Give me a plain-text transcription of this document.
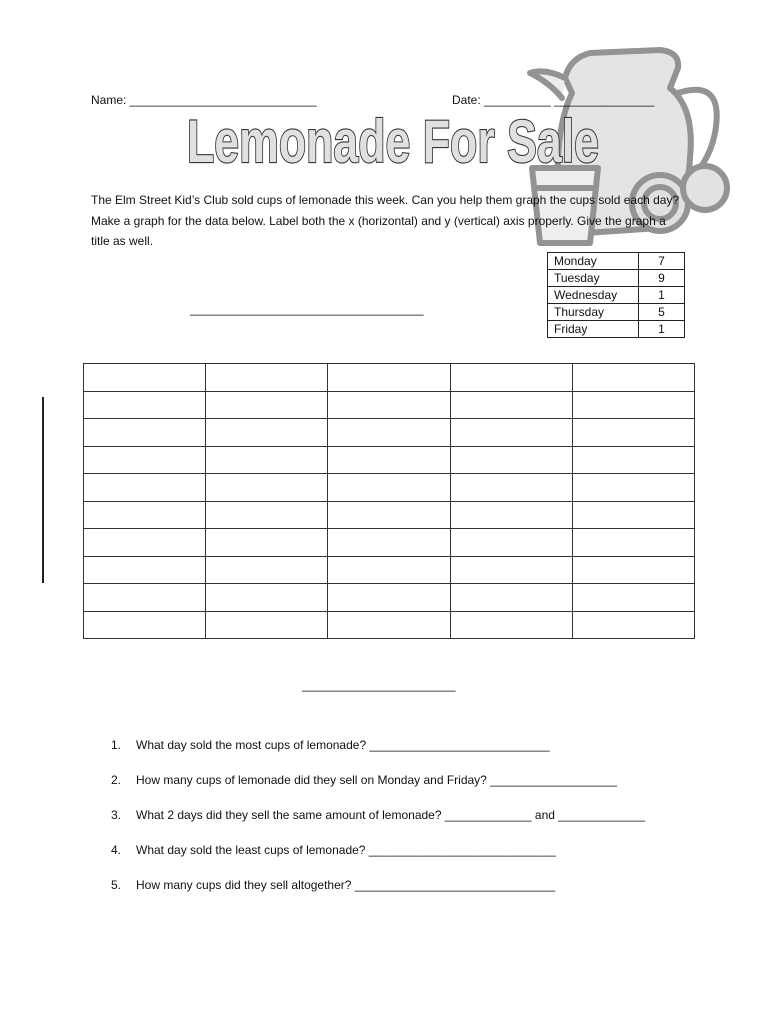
Name: ____________________________	Date: __________ _______________
Lemonade For Sale
The Elm Street Kid’s Club sold cups of lemonade this week. Can you help them graph the cups sold each day? Make a graph for the data below. Label both the x (horizontal) and y (vertical) axis properly. Give the graph a title as well.
___________________________________
Monday	7
Tuesday	9
Wednesday	1
Thursday	5
Friday	1

_______________________
1. What day sold the most cups of lemonade? ___________________________
2. How many cups of lemonade did they sell on Monday and Friday? ___________________
3. What 2 days did they sell the same amount of lemonade? _____________ and _____________
4. What day sold the least cups of lemonade? ____________________________
5. How many cups did they sell altogether? ______________________________
